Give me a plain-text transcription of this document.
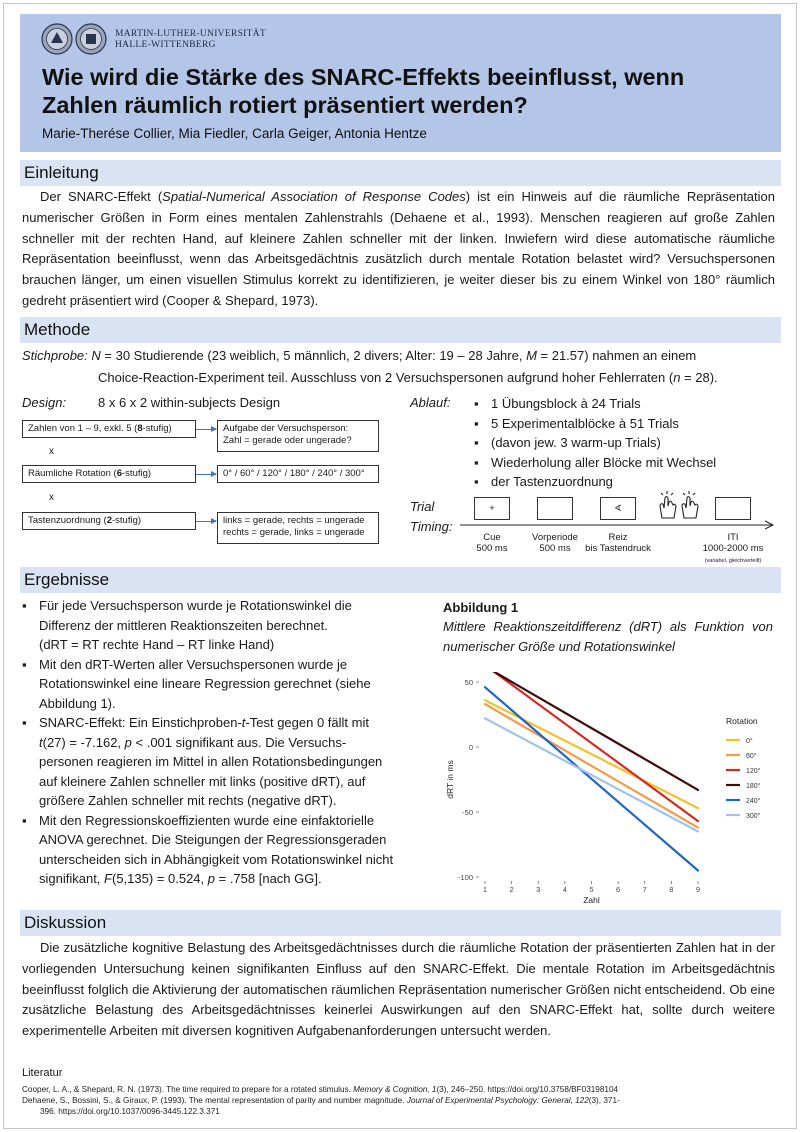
MARTIN-LUTHER-UNIVERSITÄT
HALLE-WITTENBERG
Wie wird die Stärke des SNARC-Effekts beeinflusst, wenn
Zahlen räumlich rotiert präsentiert werden?
Marie-Therése Collier, Mia Fiedler, Carla Geiger, Antonia Hentze
Einleitung
Der SNARC-Effekt (Spatial-Numerical Association of Response Codes) ist ein Hinweis auf die räumliche Repräsentation numerischer Größen in Form eines mentalen Zahlenstrahls (Dehaene et al., 1993). Menschen reagieren auf große Zahlen schneller mit der rechten Hand, auf kleinere Zahlen schneller mit der linken. Inwiefern wird diese automatische räumliche Repräsentation beeinflusst, wenn das Arbeitsgedächtnis zusätzlich durch mentale Rotation belastet wird? Versuchspersonen brauchen länger, um einen visuellen Stimulus korrekt zu identifizieren, je weiter dieser bis zu einem Winkel von 180° räumlich gedreht präsentiert wird (Cooper & Shepard, 1973).
Methode
Stichprobe: N = 30 Studierende (23 weiblich, 5 männlich, 2 divers; Alter: 19 – 28 Jahre, M = 21.57) nahmen an einem
Choice-Reaction-Experiment teil. Ausschluss von 2 Versuchspersonen aufgrund hoher Fehlerraten (n = 28).
Design: 8 x 6 x 2 within-subjects Design
Zahlen von 1 – 9, exkl. 5 (8-stufig)
x
Räumliche Rotation (6-stufig)
x
Tastenzuordnung (2-stufig)
Aufgabe der Versuchsperson:
Zahl = gerade oder ungerade?
0° / 60° / 120° / 180° / 240° / 300°
links = gerade, rechts = ungerade
rechts = gerade, links = ungerade
Ablauf:
▪	1 Übungsblock à 24 Trials
▪ 5 Experimentalblöcke à 51 Trials
▪ (davon jew. 3 warm-up Trials)
▪ Wiederholung aller Blöcke mit Wechsel
▪ der Tastenzuordnung
Trial
Timing:
+	∢
Cue
500 ms
Vorperiode
500 ms
Reiz
bis Tastendruck
ITI
1000-2000 ms
(variabel, gleichverteilt)
Ergebnisse
▪ Für jede Versuchsperson wurde je Rotationswinkel die Differenz der mittleren Reaktionszeiten berechnet.
(dRT = RT rechte Hand – RT linke Hand)
▪ Mit den dRT-Werten aller Versuchspersonen wurde je Rotationswinkel eine lineare Regression gerechnet (siehe Abbildung 1).
▪ SNARC-Effekt: Ein Einstichproben-t-Test gegen 0 fällt mit
t(27) = -7.162, p < .001 signifikant aus. Die Versuchs-personen reagieren im Mittel in allen Rotationsbedingungen auf kleinere Zahlen schneller mit links (positive dRT), auf größere Zahlen schneller mit rechts (negative dRT).
▪ Mit den Regressionskoeffizienten wurde eine einfaktorielle ANOVA gerechnet. Die Steigungen der Regressionsgeraden unterscheiden sich in Abhängigkeit vom Rotationswinkel nicht signifikant, F(5,135) = 0.524, p = .758 [nach GG].
Abbildung 1
Mittlere Reaktionszeitdifferenz (dRT) als Funktion von numerischer Größe und Rotationswinkel
50
0
-50
-100
1	2	3	4	5	6	7	8	9
Zahl
dRT in ms
Rotation
0°
60°
120°
180°
240°
300°
Diskussion
Die zusätzliche kognitive Belastung des Arbeitsgedächtnisses durch die räumliche Rotation der präsentierten Zahlen hat in der vorliegenden Untersuchung keinen signifikanten Einfluss auf den SNARC-Effekt. Die mentale Rotation im Arbeitsgedächtnis beeinflusst folglich die Aktivierung der automatischen räumlichen Repräsentation numerischer Größen nicht entscheidend. Ob eine zusätzliche Belastung des Arbeitsgedächtnisses keinerlei Auswirkungen auf den SNARC-Effekt hat, sollte durch weitere experimentelle Arbeiten mit diversen kognitiven Aufgabenanforderungen untersucht werden.
Literatur
Cooper, L. A., & Shepard, R. N. (1973). The time required to prepare for a rotated stimulus. Memory & Cognition, 1(3), 246–250. https://doi.org/10.3758/BF03198104
Dehaene, S., Bossini, S., & Giraux, P. (1993). The mental representation of parity and number magnitude. Journal of Experimental Psychology: General, 122(3), 371-
396. https://doi.org/10.1037/0096-3445.122.3.371
